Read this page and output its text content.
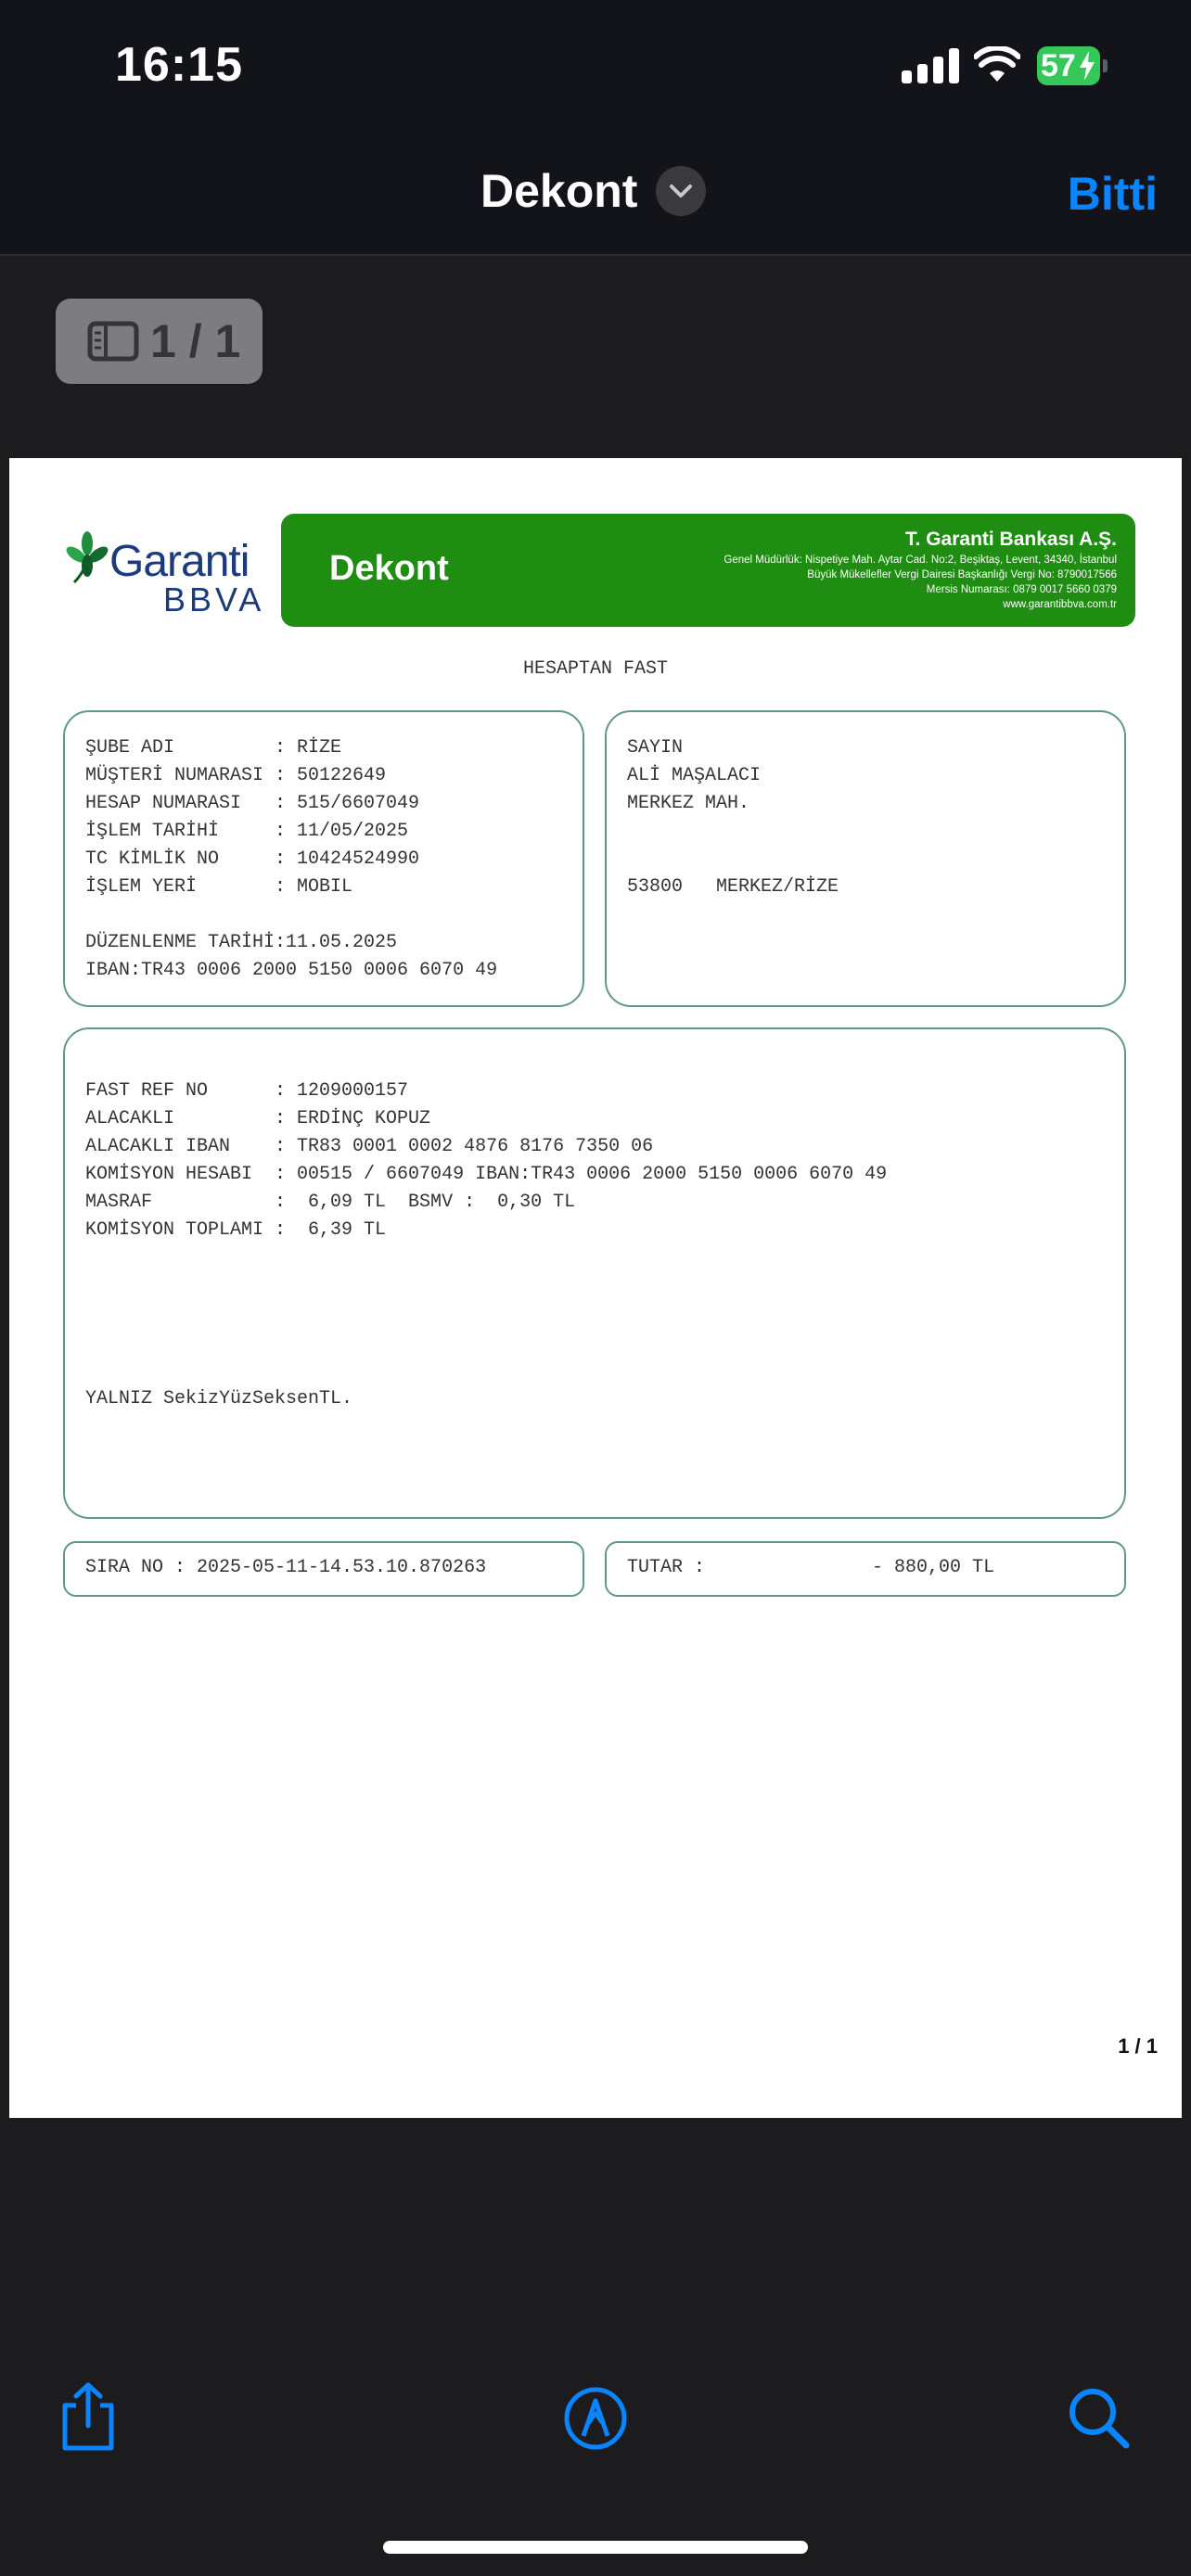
16:15	57
Dekont	Bitti
1 / 1
Garanti
BBVA
Dekont
T. Garanti Bankası A.Ş.
Genel Müdürlük: Nispetiye Mah. Aytar Cad. No:2, Beşiktaş, Levent, 34340, İstanbul
Büyük Mükellefler Vergi Dairesi Başkanlığı Vergi No: 8790017566
Mersis Numarası: 0879 0017 5660 0379
www.garantibbva.com.tr
HESAPTAN FAST
ŞUBE ADI         : RİZE
MÜŞTERİ NUMARASI : 50122649
HESAP NUMARASI   : 515/6607049
İŞLEM TARİHİ     : 11/05/2025
TC KİMLİK NO     : 10424524990
İŞLEM YERİ       : MOBIL
DÜZENLENME TARİHİ:11.05.2025
IBAN:TR43 0006 2000 5150 0006 6070 49
SAYIN
ALİ MAŞALACI
MERKEZ MAH.
53800   MERKEZ/RİZE
FAST REF NO      : 1209000157
ALACAKLI         : ERDİNÇ KOPUZ
ALACAKLI IBAN    : TR83 0001 0002 4876 8176 7350 06
KOMİSYON HESABI  : 00515 / 6607049 IBAN:TR43 0006 2000 5150 0006 6070 49
MASRAF           :  6,09 TL  BSMV :  0,30 TL
KOMİSYON TOPLAMI :  6,39 TL
YALNIZ SekizYüzSeksenTL.
SIRA NO : 2025-05-11-14.53.10.870263	TUTAR :               - 880,00 TL
1 / 1
